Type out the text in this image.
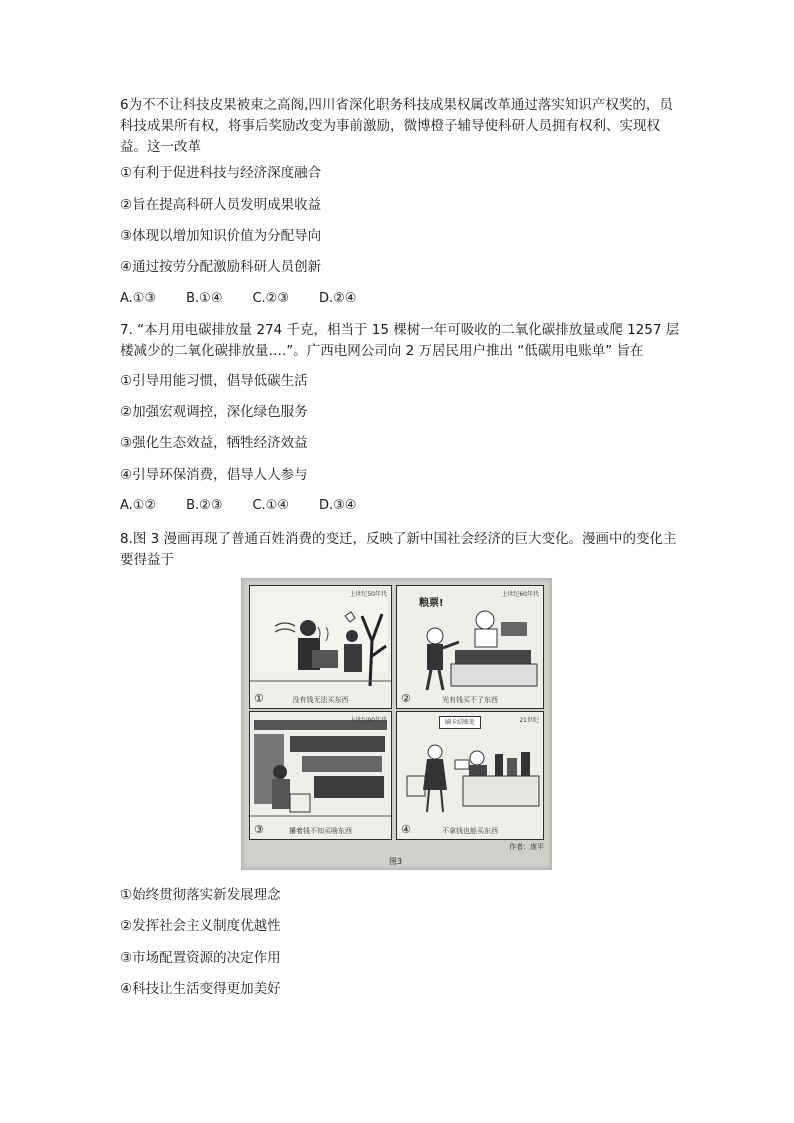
6为不不让科技皮果被束之高阁,四川省深化职务科技成果权属改革通过落实知识产权奖的，员科技成果所有权，将事后奖励改变为事前激励，微博橙子辅导使科研人员拥有权利、实现权益。这一改革
①有利于促进科技与经济深度融合
②旨在提高科研人员发明成果收益
③体现以增加知识价值为分配导向
④通过按劳分配激励科研人员创新
A.①③ B.①④ C.②③ D.②④
7. “本月用电碳排放量 274 千克，相当于 15 棵树一年可吸收的二氧化碳排放量或爬 1257 层楼减少的二氧化碳排放量….”。广西电网公司向 2 万居民用户推出 “低碳用电账单” 旨在
①引导用能习惯，倡导低碳生活
②加强宏观调控，深化绿色服务
③强化生态效益，牺牲经济效益
④引导环保消费，倡导人人参与
A.①② B.②③ C.①④ D.③④
8.图 3 漫画再现了普通百姓消费的变迁，反映了新中国社会经济的巨大变化。漫画中的变化主要得益于
上世纪50年代
①	没有钱无法买东西
粮票!
上世纪60年代
②	光有钱买不了东西
上世纪90年代
③	攥着钱不知买啥东西
刷卡结账处	21世纪
④	不拿钱也能买东西
作者：庞平
图3
①始终贯彻落实新发展理念
②发挥社会主义制度优越性
③市场配置资源的决定作用
④科技让生活变得更加美好
